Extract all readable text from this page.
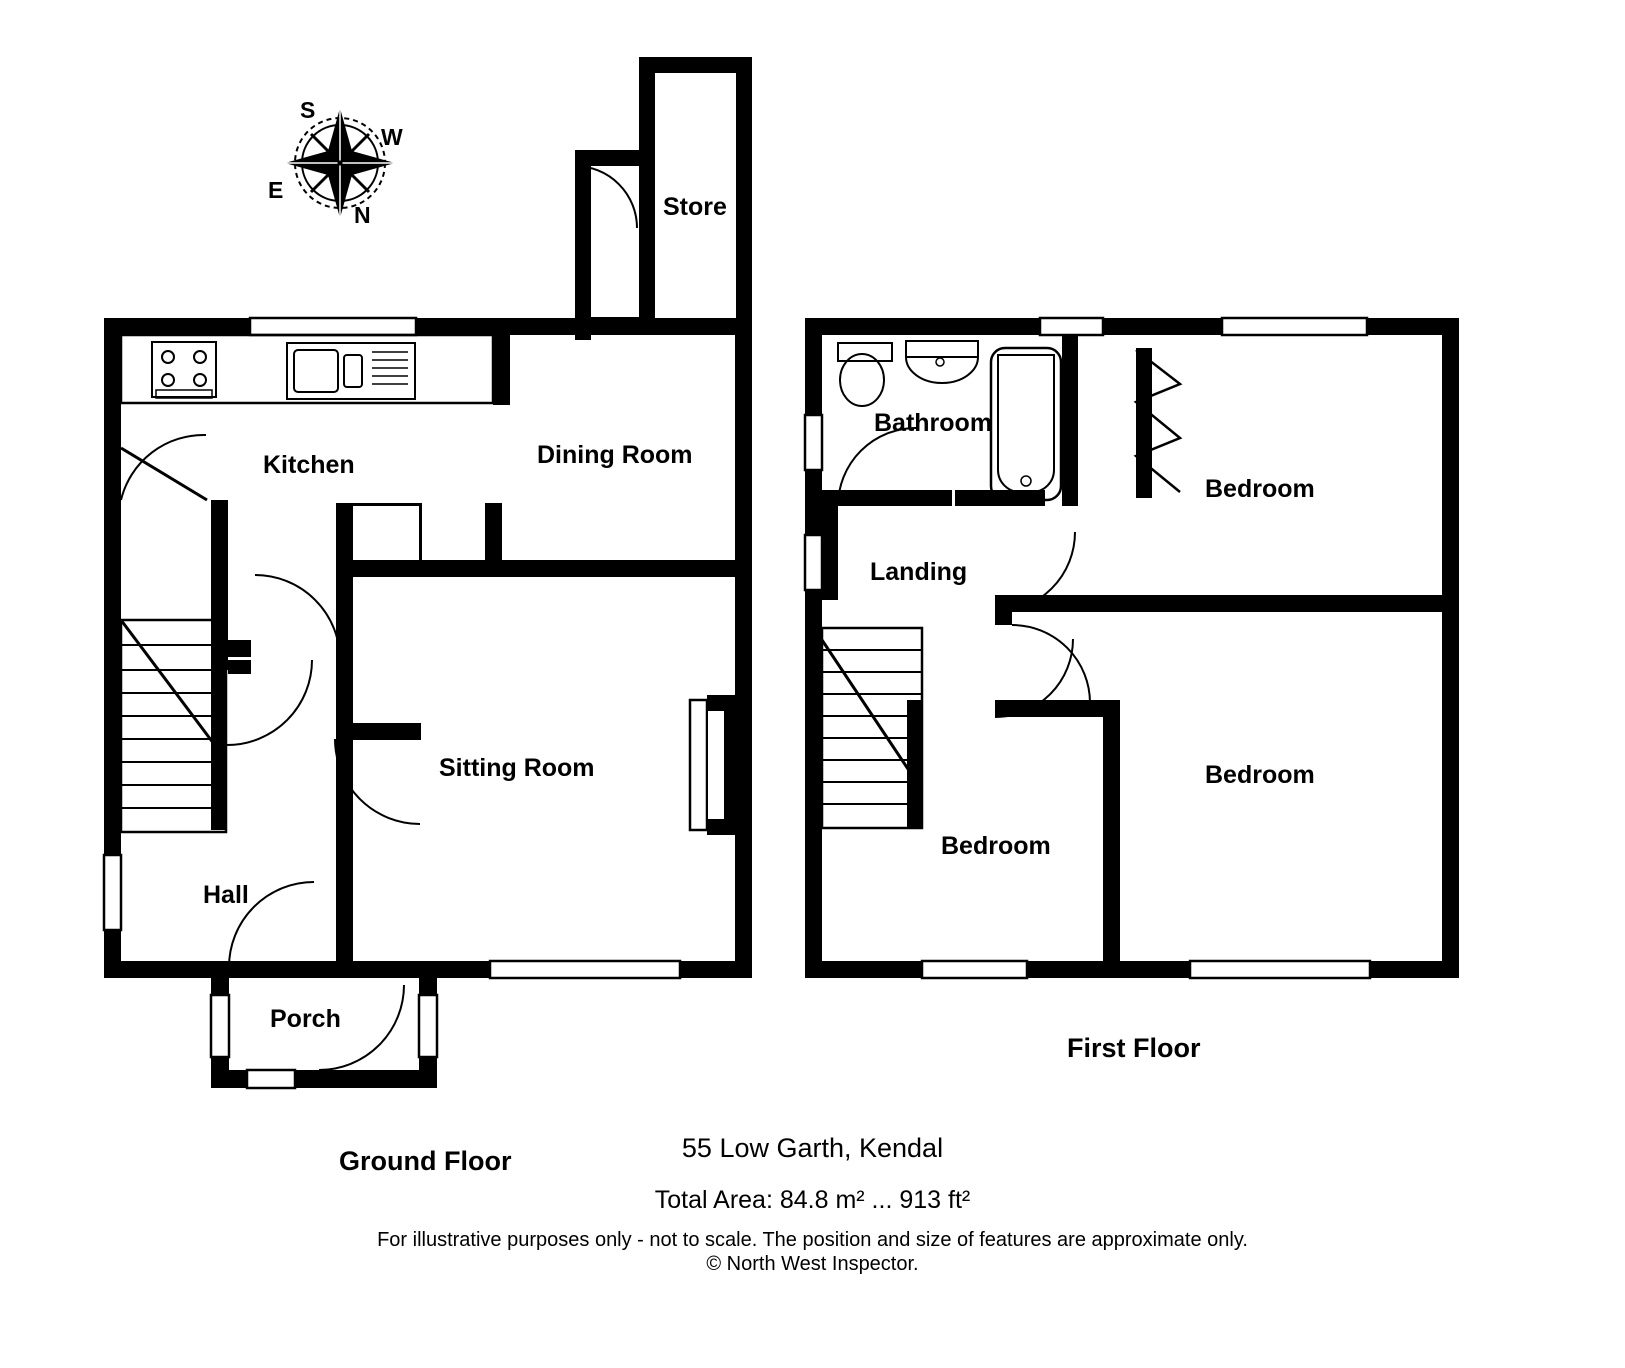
S
W
E
N	Store
Kitchen	Dining Room
Sitting Room
Hall
Porch
Bathroom
Landing
Bedroom
Bedroom
Bedroom
Ground Floor
First Floor
55 Low Garth, Kendal
Total Area: 84.8 m² ... 913 ft²
For illustrative purposes only - not to scale. The position and size of features are approximate only.
© North West Inspector.
